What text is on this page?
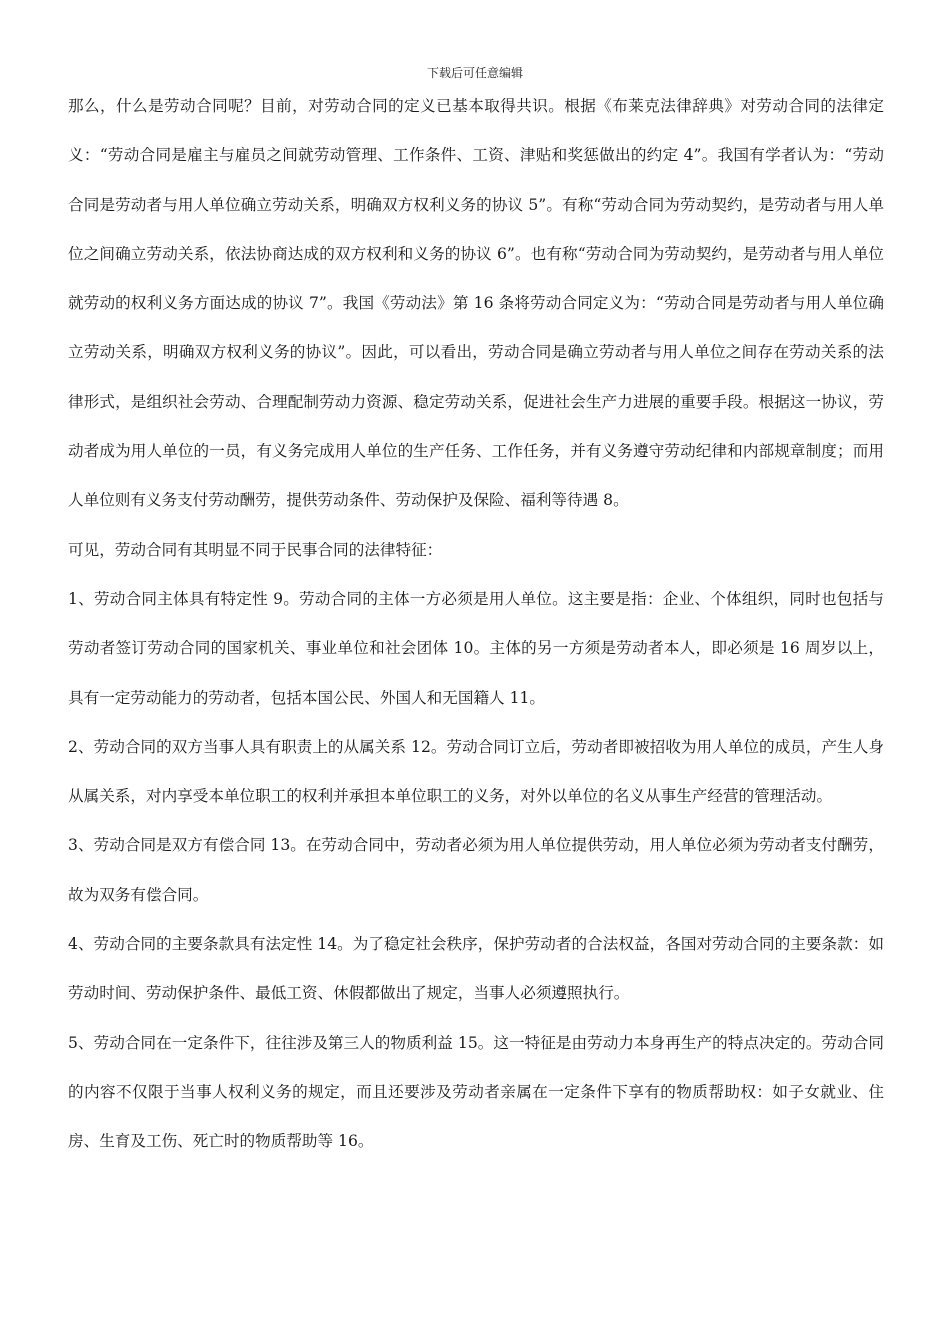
下载后可任意编辑

那么，什么是劳动合同呢？目前，对劳动合同的定义已基本取得共识。根据《布莱克法律辞典》对劳动合同的法律定义：“劳动合同是雇主与雇员之间就劳动管理、工作条件、工资、津贴和奖惩做出的约定 4”。我国有学者认为：“劳动合同是劳动者与用人单位确立劳动关系，明确双方权利义务的协议 5”。有称“劳动合同为劳动契约，是劳动者与用人单位之间确立劳动关系，依法协商达成的双方权利和义务的协议 6”。也有称“劳动合同为劳动契约，是劳动者与用人单位就劳动的权利义务方面达成的协议 7”。我国《劳动法》第 16 条将劳动合同定义为：“劳动合同是劳动者与用人单位确立劳动关系，明确双方权利义务的协议”。因此，可以看出，劳动合同是确立劳动者与用人单位之间存在劳动关系的法律形式，是组织社会劳动、合理配制劳动力资源、稳定劳动关系，促进社会生产力进展的重要手段。根据这一协议，劳动者成为用人单位的一员，有义务完成用人单位的生产任务、工作任务，并有义务遵守劳动纪律和内部规章制度；而用人单位则有义务支付劳动酬劳，提供劳动条件、劳动保护及保险、福利等待遇 8。

可见，劳动合同有其明显不同于民事合同的法律特征：

1、劳动合同主体具有特定性 9。劳动合同的主体一方必须是用人单位。这主要是指：企业、个体组织，同时也包括与劳动者签订劳动合同的国家机关、事业单位和社会团体 10。主体的另一方须是劳动者本人，即必须是 16 周岁以上，具有一定劳动能力的劳动者，包括本国公民、外国人和无国籍人 11。

2、劳动合同的双方当事人具有职责上的从属关系 12。劳动合同订立后，劳动者即被招收为用人单位的成员，产生人身从属关系，对内享受本单位职工的权利并承担本单位职工的义务，对外以单位的名义从事生产经营的管理活动。

3、劳动合同是双方有偿合同 13。在劳动合同中，劳动者必须为用人单位提供劳动，用人单位必须为劳动者支付酬劳，故为双务有偿合同。

4、劳动合同的主要条款具有法定性 14。为了稳定社会秩序，保护劳动者的合法权益，各国对劳动合同的主要条款：如劳动时间、劳动保护条件、最低工资、休假都做出了规定，当事人必须遵照执行。

5、劳动合同在一定条件下，往往涉及第三人的物质利益 15。这一特征是由劳动力本身再生产的特点决定的。劳动合同的内容不仅限于当事人权利义务的规定，而且还要涉及劳动者亲属在一定条件下享有的物质帮助权：如子女就业、住房、生育及工伤、死亡时的物质帮助等 16。
